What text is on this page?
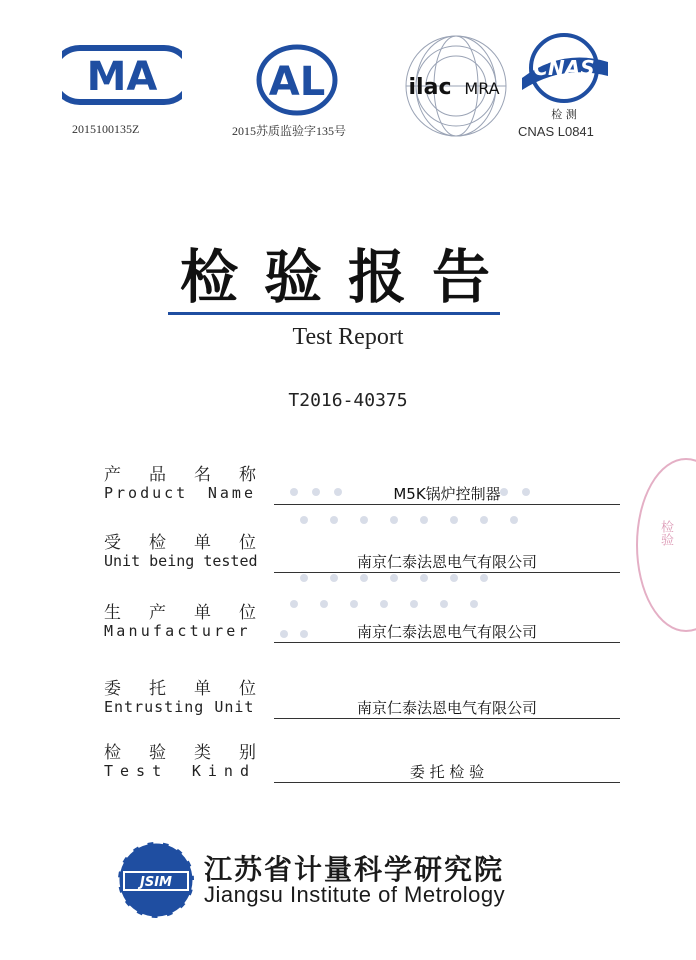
MA
2015100135Z
AL
2015苏质监验字135号
ilac MRA
CNAS
检 测
CNAS L0841
检验报告
Test Report
T2016-40375
产 品 名 称
Product Name	M5K锅炉控制器
受 检 单 位
Unit being tested	南京仁泰法恩电气有限公司
生 产 单 位
Manufacturer	南京仁泰法恩电气有限公司
委 托 单 位
Entrusting Unit	南京仁泰法恩电气有限公司
检 验 类 别
Test Kind	委 托 检 验
检验
JSIM 江苏省计量科学研究院
Jiangsu Institute of Metrology
